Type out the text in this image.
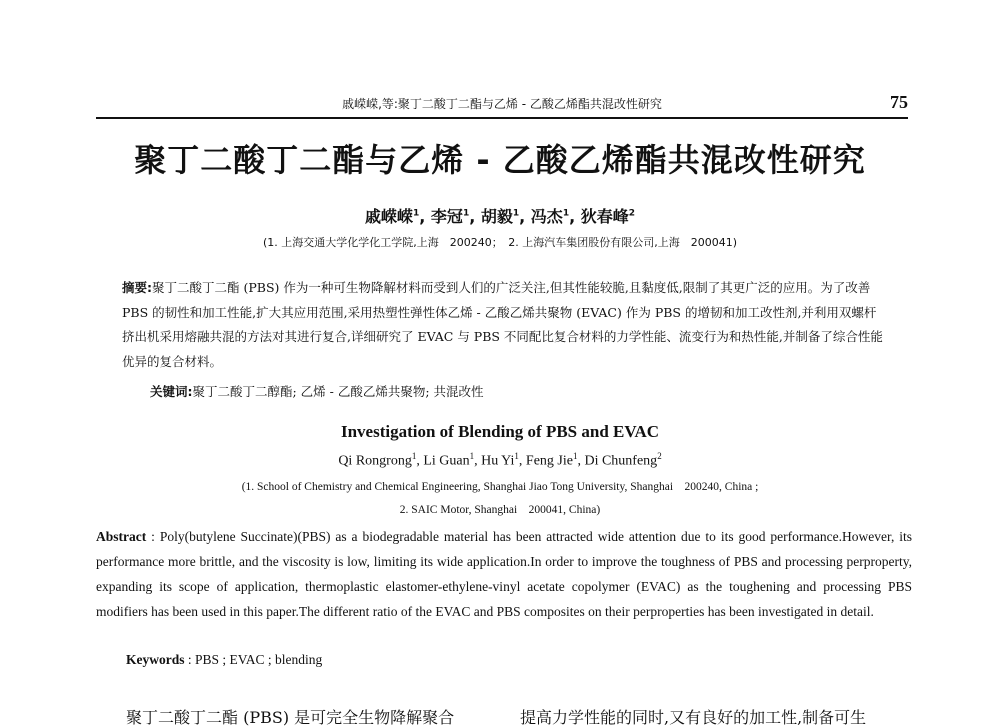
戚嵘嵘,等:聚丁二酸丁二酯与乙烯 - 乙酸乙烯酯共混改性研究	75
聚丁二酸丁二酯与乙烯 - 乙酸乙烯酯共混改性研究
戚嵘嵘$^1$, 李冠$^1$, 胡毅$^1$, 冯杰$^1$, 狄春峰$^2$
(1. 上海交通大学化学化工学院,上海　200240；　2. 上海汽车集团股份有限公司,上海　200041)
摘要:聚丁二酸丁二酯 (PBS) 作为一种可生物降解材料而受到人们的广泛关注,但其性能较脆,且黏度低,限制了其更广泛的应用。为了改善 PBS 的韧性和加工性能,扩大其应用范围,采用热塑性弹性体乙烯 - 乙酸乙烯共聚物 (EVAC) 作为 PBS 的增韧和加工改性剂,并利用双螺杆挤出机采用熔融共混的方法对其进行复合,详细研究了 EVAC 与 PBS 不同配比复合材料的力学性能、流变行为和热性能,并制备了综合性能优异的复合材料。
关键词:聚丁二酸丁二醇酯; 乙烯 - 乙酸乙烯共聚物; 共混改性
Investigation of Blending of PBS and EVAC
Qi Rongrong$^1$, Li Guan$^1$, Hu Yi$^1$, Feng Jie$^1$, Di Chunfeng$^2$
(1. School of Chemistry and Chemical Engineering, Shanghai Jiao Tong University, Shanghai　200240, China ;
2. SAIC Motor, Shanghai　200041, China)
Abstract : Poly(butylene Succinate)(PBS) as a biodegradable material has been attracted wide attention due to its good performance.However, its performance more brittle, and the viscosity is low, limiting its wide application.In order to improve the toughness of PBS and processing perproperty, expanding its scope of application, thermoplastic elastomer-ethylene-vinyl acetate copolymer (EVAC) as the toughening and processing PBS modifiers has been used in this paper.The different ratio of the EVAC and PBS composites on their perproperties has been investigated in detail.
Keywords : PBS ; EVAC ; blending
聚丁二酸丁二酯 (PBS) 是可完全生物降解聚合	提高力学性能的同时,又有良好的加工性,制备可生
